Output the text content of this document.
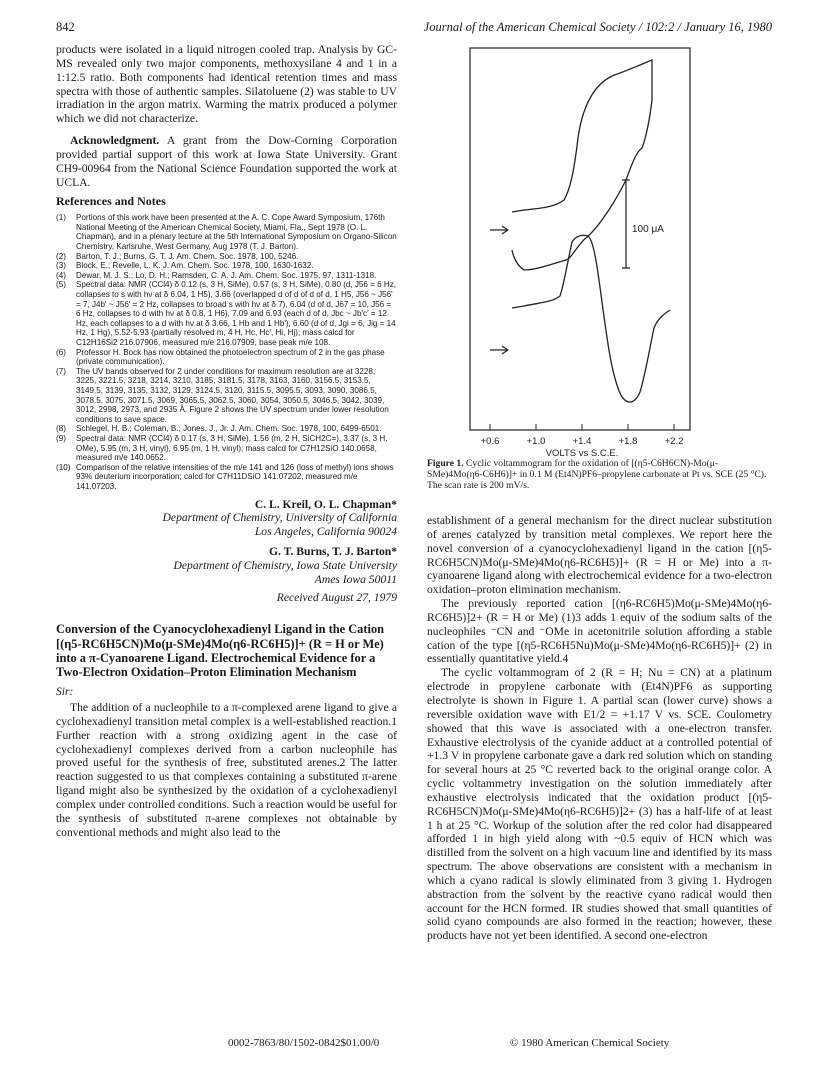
842	Journal of the American Chemical Society / 102:2 / January 16, 1980

products were isolated in a liquid nitrogen cooled trap. Analysis by GC-MS revealed only two major components, methoxysilane 4 and 1 in a 1:12.5 ratio. Both components had identical retention times and mass spectra with those of authentic samples. Silatoluene (2) was stable to UV irradiation in the argon matrix. Warming the matrix produced a polymer which we did not characterize.

Acknowledgment. A grant from the Dow-Corning Corporation provided partial support of this work at Iowa State University. Grant CH9-00964 from the National Science Foundation supported the work at UCLA.

References and Notes
(1) Portions of this work have been presented at the A. C. Cope Award Symposium, 176th National Meeting of the American Chemical Society, Miami, Fla., Sept 1978 (O. L. Chapman), and in a plenary lecture at the 5th International Symposium on Organo-Silicon Chemistry, Karlsruhe, West Germany, Aug 1978 (T. J. Barton).
(2) Barton, T. J.; Burns, G. T. J. Am. Chem. Soc. 1978, 100, 5246.
(3) Block, E.; Revelle, L. K. J. Am. Chem. Soc. 1978, 100, 1630-1632.
(4) Dewar, M. J. S.; Lo, D. H.; Ramsden, C. A. J. Am. Chem. Soc. 1975, 97, 1311-1318.
(5) Spectral data: NMR (CCl4) δ 0.12 (s, 3 H, SiMe), 0.57 (s, 3 H, SiMe), 0.80 (d, J56 = 6 Hz, collapses to s with hν at δ 6.04, 1 H5), 3.66 (overlapped d of d of d of d, 1 H5, J56 ~ J56' = 7, J4b' ~ J56' = 2 Hz, collapses to broad s with hν at δ 7), 6.04 (d of d, J67 = 10, J56 = 6 Hz, collapses to d with hν at δ 0.8, 1 H6), 7.09 and 6.93 (each d of d, Jbc ~ Jb'c' = 12 Hz, each collapses to a d with hν at δ 3.66, 1 Hb and 1 Hb'), 6.60 (d of d, Jgi = 6, Jig = 14 Hz, 1 Hg), 5.52-5.93 (partially resolved m, 4 H, Hc, Hc', Hi, Hj); mass calcd for C12H16Si2 216.07906, measured m/e 216.07909, base peak m/e 108.
(6) Professor H. Bock has now obtained the photoelectron spectrum of 2 in the gas phase (private communication).
(7) The UV bands observed for 2 under conditions for maximum resolution are at 3228, 3225, 3221.5, 3218, 3214, 3210, 3185, 3181.5, 3178, 3163, 3160, 3156.5, 3153.5, 3149.5, 3139, 3135, 3132, 3129, 3124.5, 3120, 3115.5, 3095.5, 3093, 3090, 3086.5, 3078.5, 3075, 3071.5, 3069, 3065.5, 3062.5, 3060, 3054, 3050.5, 3046.5, 3042, 3039, 3012, 2998, 2973, and 2935 Å. Figure 2 shows the UV spectrum under lower resolution conditions to save space.
(8) Schlegel, H. B.; Coleman, B.; Jones, J., Jr. J. Am. Chem. Soc. 1978, 100, 6499-6501.
(9) Spectral data: NMR (CCl4) δ 0.17 (s, 3 H, SiMe), 1.56 (m, 2 H, SiCH2C=), 3.37 (s, 3 H, OMe), 5.95 (m, 3 H, vinyl), 6.95 (m, 1 H, vinyl); mass calcd for C7H12SiO 140.0658, measured m/e 140.0652.
(10) Comparison of the relative intensities of the m/e 141 and 126 (loss of methyl) ions shows 93% deuterium incorporation; calcd for C7H11DSiO 141.07202, measured m/e 141.07203.

C. L. Kreil, O. L. Chapman*

Department of Chemistry, University of California

Los Angeles, California 90024

G. T. Burns, T. J. Barton*

Department of Chemistry, Iowa State University

Ames Iowa 50011

Received August 27, 1979

Conversion of the Cyanocyclohexadienyl Ligand in the Cation [(η5-RC6H5CN)Mo(μ-SMe)4Mo(η6-RC6H5)]+ (R = H or Me) into a π-Cyanoarene Ligand. Electrochemical Evidence for a Two-Electron Oxidation–Proton Elimination Mechanism
Sir:

The addition of a nucleophile to a π-complexed arene ligand to give a cyclohexadienyl transition metal complex is a well-established reaction.1 Further reaction with a strong oxidizing agent in the case of cyclohexadienyl complexes derived from a carbon nucleophile has proved useful for the synthesis of free, substituted arenes.2 The latter reaction suggested to us that complexes containing a substituted π-arene ligand might also be synthesized by the oxidation of a cyclohexadienyl complex under controlled conditions. Such a reaction would be useful for the synthesis of substituted π-arene complexes not obtainable by conventional methods and might also lead to the

100 μA
+0.6	+1.0	+1.4	+1.8	+2.2
VOLTS vs S.C.E.
Figure 1. Cyclic voltammogram for the oxidation of [(η5-C6H6CN)-Mo(μ-SMe)4Mo(η6-C6H6)]+ in 0.1 M (Et4N)PF6–propylene carbonate at Pt vs. SCE (25 °C). The scan rate is 200 mV/s.

establishment of a general mechanism for the direct nuclear substitution of arenes catalyzed by transition metal complexes. We report here the novel conversion of a cyanocyclohexadienyl ligand in the cation [(η5-RC6H5CN)Mo(μ-SMe)4Mo(η6-RC6H5)]+ (R = H or Me) into a π-cyanoarene ligand along with electrochemical evidence for a two-electron oxidation–proton elimination mechanism.

The previously reported cation [(η6-RC6H5)Mo(μ-SMe)4Mo(η6-RC6H5)]2+ (R = H or Me) (1)3 adds 1 equiv of the sodium salts of the nucleophiles ⁻CN and ⁻OMe in acetonitrile solution affording a stable cation of the type [(η5-RC6H5Nu)Mo(μ-SMe)4Mo(η6-RC6H5)]+ (2) in essentially quantitative yield.4

The cyclic voltammogram of 2 (R = H; Nu = CN) at a platinum electrode in propylene carbonate with (Et4N)PF6 as supporting electrolyte is shown in Figure 1. A partial scan (lower curve) shows a reversible oxidation wave with E1/2 = +1.17 V vs. SCE. Coulometry showed that this wave is associated with a one-electron transfer. Exhaustive electrolysis of the cyanide adduct at a controlled potential of +1.3 V in propylene carbonate gave a dark red solution which on standing for several hours at 25 °C reverted back to the original orange color. A cyclic voltammetry investigation on the solution immediately after exhaustive electrolysis indicated that the oxidation product [(η5-RC6H5CN)Mo(μ-SMe)4Mo(η6-RC6H5)]2+ (3) has a half-life of at least 1 h at 25 °C. Workup of the solution after the red color had disappeared afforded 1 in high yield along with ~0.5 equiv of HCN which was distilled from the solvent on a high vacuum line and identified by its mass spectrum. The above observations are consistent with a mechanism in which a cyano radical is slowly eliminated from 3 giving 1. Hydrogen abstraction from the solvent by the reactive cyano radical would then account for the HCN formed. IR studies showed that small quantities of solid cyano compounds are also formed in the reaction; however, these products have not yet been identified. A second one-electron

0002-7863/80/1502-0842$01.00/0	© 1980 American Chemical Society
